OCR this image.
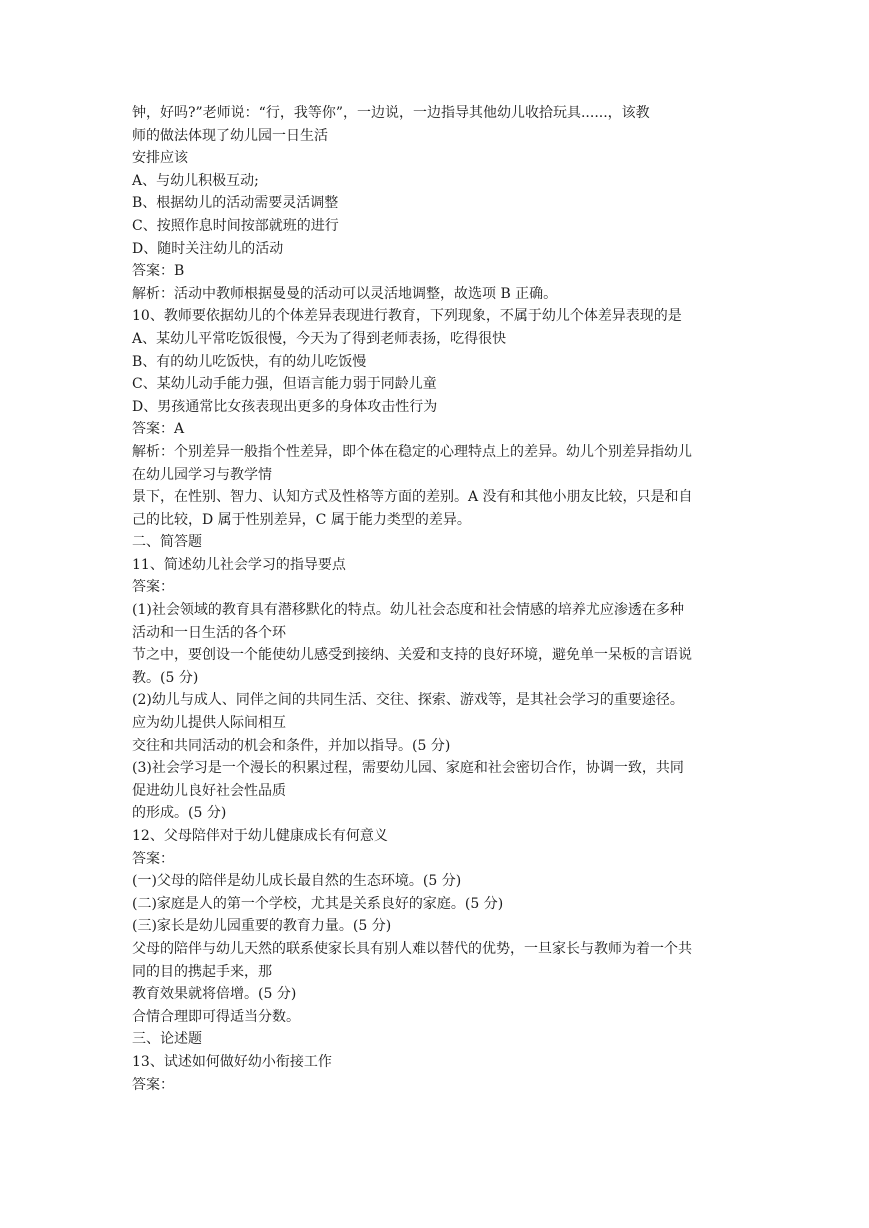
钟，好吗?”老师说：“行，我等你”，一边说，一边指导其他幼儿收拾玩具......，该教
师的做法体现了幼儿园一日生活
安排应该
A、与幼儿积极互动;
B、根据幼儿的活动需要灵活调整
C、按照作息时间按部就班的进行
D、随时关注幼儿的活动
答案：B
解析：活动中教师根据曼曼的活动可以灵活地调整，故选项 B 正确。
10、教师要依据幼儿的个体差异表现进行教育，下列现象，不属于幼儿个体差异表现的是
A、某幼儿平常吃饭很慢，今天为了得到老师表扬，吃得很快
B、有的幼儿吃饭快，有的幼儿吃饭慢
C、某幼儿动手能力强，但语言能力弱于同龄儿童
D、男孩通常比女孩表现出更多的身体攻击性行为
答案：A
解析：个别差异一般指个性差异，即个体在稳定的心理特点上的差异。幼儿个别差异指幼儿
在幼儿园学习与教学情
景下，在性别、智力、认知方式及性格等方面的差别。A 没有和其他小朋友比较，只是和自
己的比较，D 属于性别差异，C 属于能力类型的差异。
二、简答题
11、简述幼儿社会学习的指导要点
答案：
(1)社会领域的教育具有潜移默化的特点。幼儿社会态度和社会情感的培养尤应渗透在多种
活动和一日生活的各个环
节之中，要创设一个能使幼儿感受到接纳、关爱和支持的良好环境，避免单一呆板的言语说
教。(5 分)
(2)幼儿与成人、同伴之间的共同生活、交往、探索、游戏等，是其社会学习的重要途径。
应为幼儿提供人际间相互
交往和共同活动的机会和条件，并加以指导。(5 分)
(3)社会学习是一个漫长的积累过程，需要幼儿园、家庭和社会密切合作，协调一致，共同
促进幼儿良好社会性品质
的形成。(5 分)
12、父母陪伴对于幼儿健康成长有何意义
答案：
(一)父母的陪伴是幼儿成长最自然的生态环境。(5 分)
(二)家庭是人的第一个学校，尤其是关系良好的家庭。(5 分)
(三)家长是幼儿园重要的教育力量。(5 分)
父母的陪伴与幼儿天然的联系使家长具有别人难以替代的优势，一旦家长与教师为着一个共
同的目的携起手来，那
教育效果就将倍增。(5 分)
合情合理即可得适当分数。
三、论述题
13、试述如何做好幼小衔接工作
答案：
